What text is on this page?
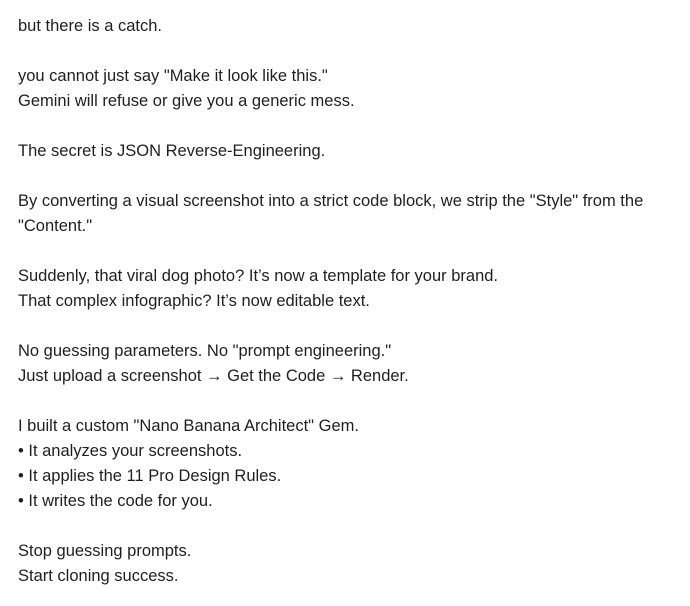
but there is a catch.

you cannot just say "Make it look like this."
Gemini will refuse or give you a generic mess.

The secret is JSON Reverse-Engineering.

By converting a visual screenshot into a strict code block, we strip the "Style" from the "Content."

Suddenly, that viral dog photo? It’s now a template for your brand.
That complex infographic? It’s now editable text.

No guessing parameters. No "prompt engineering."
Just upload a screenshot → Get the Code → Render.

I built a custom "Nano Banana Architect" Gem.
• It analyzes your screenshots.
• It applies the 11 Pro Design Rules.
• It writes the code for you.

Stop guessing prompts.
Start cloning success.
